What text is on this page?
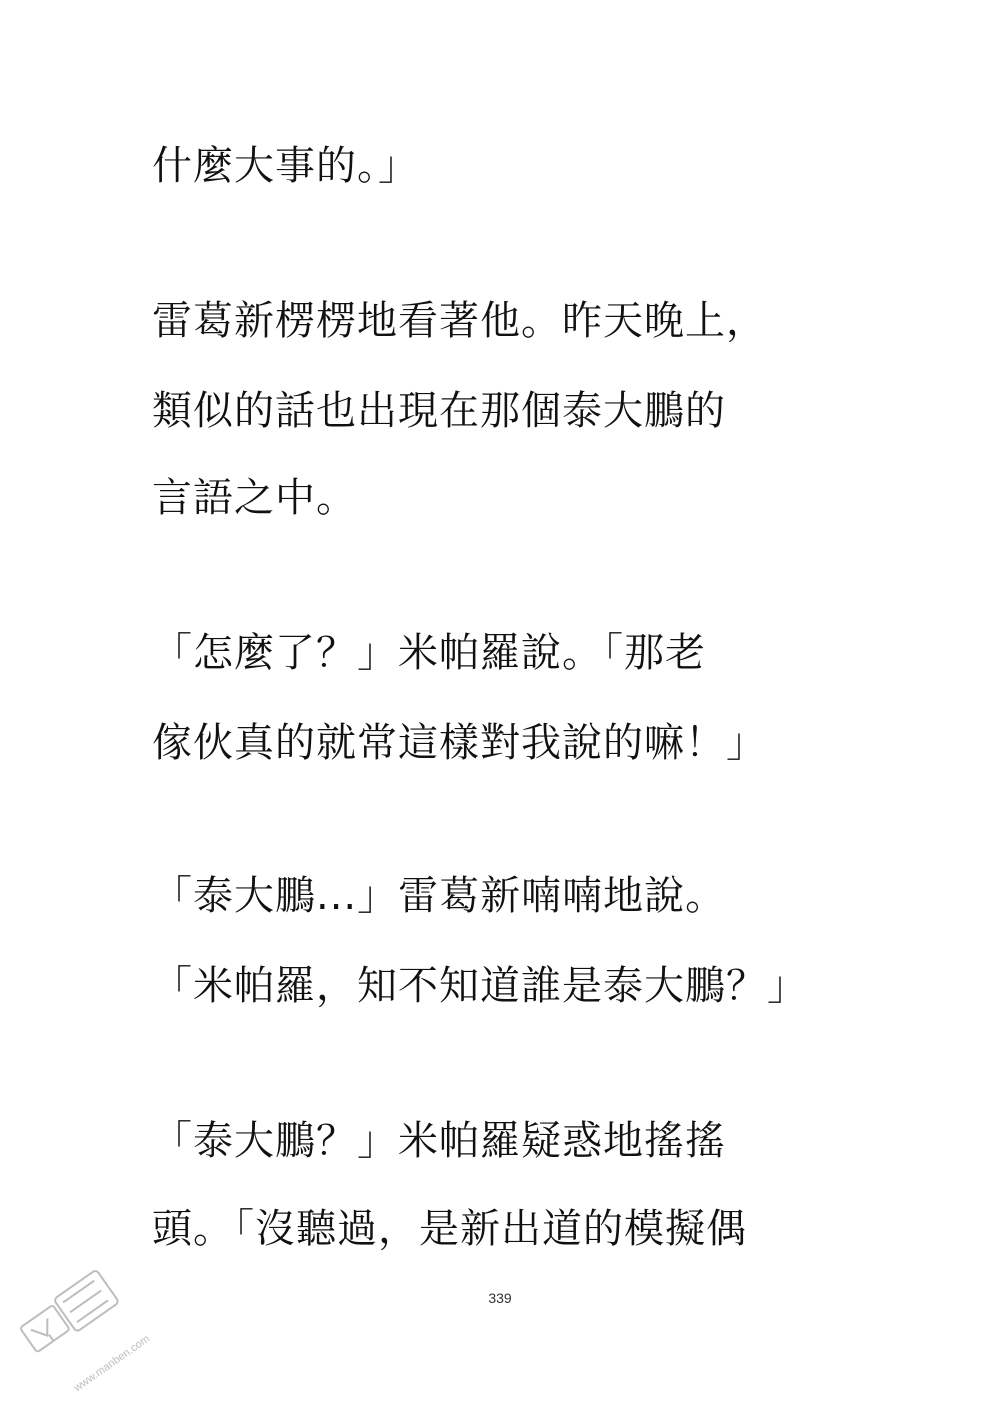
什麼大事的。」
雷葛新楞楞地看著他。昨天晚上，
類似的話也出現在那個泰大鵬的
言語之中。
「怎麼了？」米帕羅說。「那老
傢伙真的就常這樣對我說的嘛！」
「泰大鵬...」雷葛新喃喃地說。
「米帕羅，知不知道誰是泰大鵬？」
「泰大鵬？」米帕羅疑惑地搖搖
頭。「沒聽過，是新出道的模擬偶
339
www.manben.com
